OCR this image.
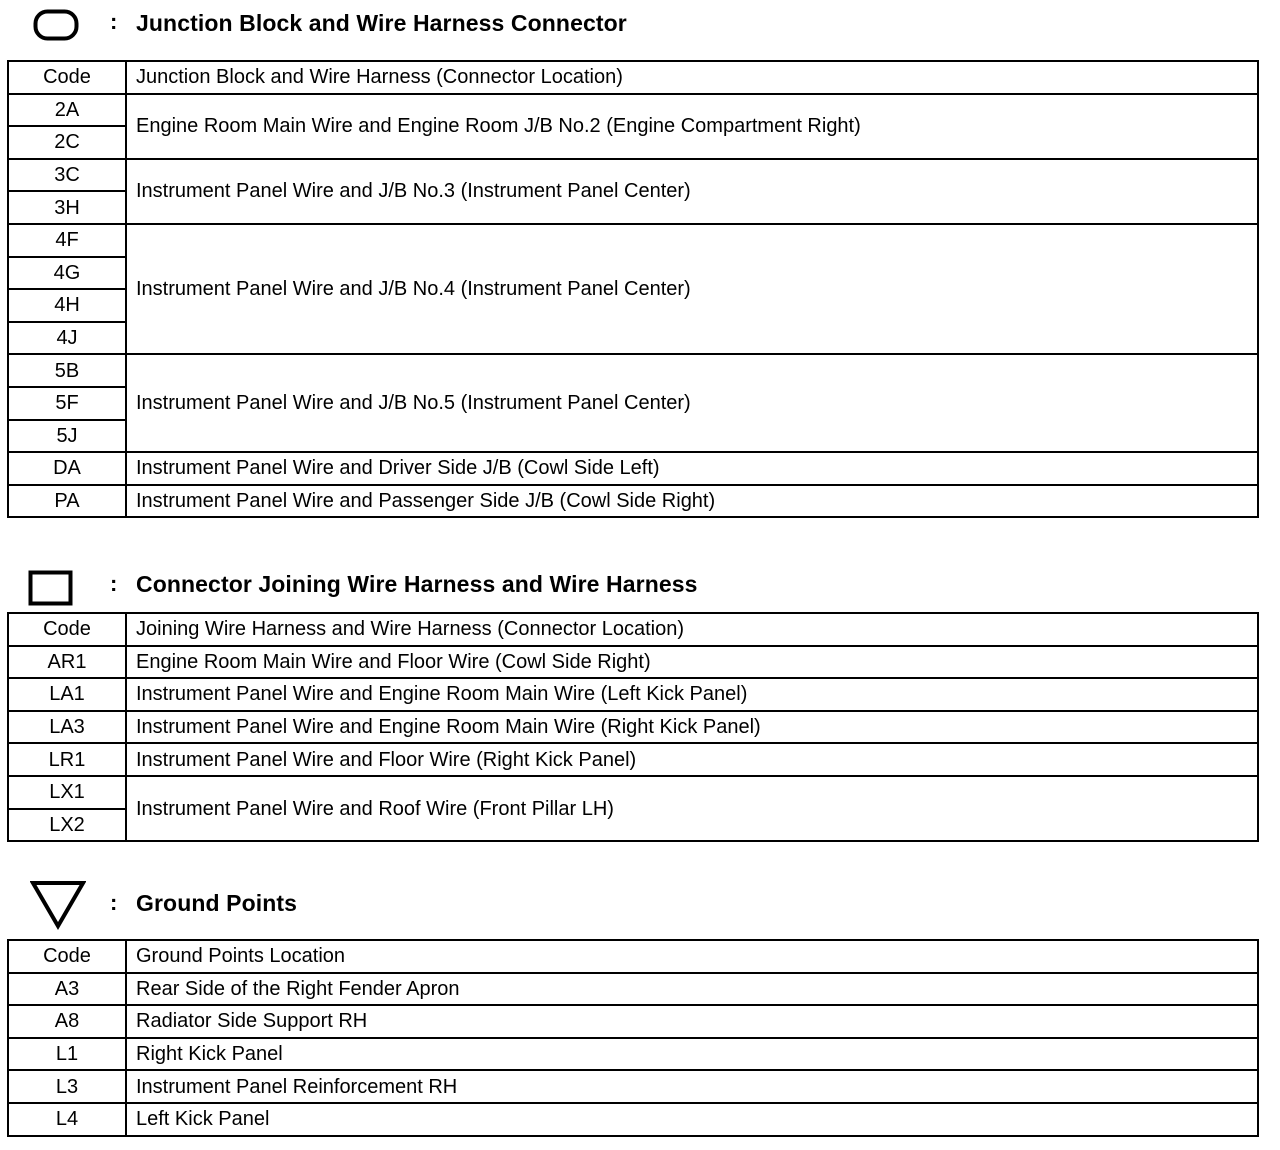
: Junction Block and Wire Harness Connector
Code	Junction Block and Wire Harness (Connector Location)
2A	Engine Room Main Wire and Engine Room J/B No.2 (Engine Compartment Right)
2C	
3C	Instrument Panel Wire and J/B No.3 (Instrument Panel Center)
3H	
4F	Instrument Panel Wire and J/B No.4 (Instrument Panel Center)
4G	
4H	
4J	
5B	Instrument Panel Wire and J/B No.5 (Instrument Panel Center)
5F	
5J	
DA	Instrument Panel Wire and Driver Side J/B (Cowl Side Left)
PA	Instrument Panel Wire and Passenger Side J/B (Cowl Side Right)
: Connector Joining Wire Harness and Wire Harness
Code	Joining Wire Harness and Wire Harness (Connector Location)
AR1	Engine Room Main Wire and Floor Wire (Cowl Side Right)
LA1	Instrument Panel Wire and Engine Room Main Wire (Left Kick Panel)
LA3	Instrument Panel Wire and Engine Room Main Wire (Right Kick Panel)
LR1	Instrument Panel Wire and Floor Wire (Right Kick Panel)
LX1	Instrument Panel Wire and Roof Wire (Front Pillar LH)
LX2	
: Ground Points
Code	Ground Points Location
A3	Rear Side of the Right Fender Apron
A8	Radiator Side Support RH
L1	Right Kick Panel
L3	Instrument Panel Reinforcement RH
L4	Left Kick Panel
